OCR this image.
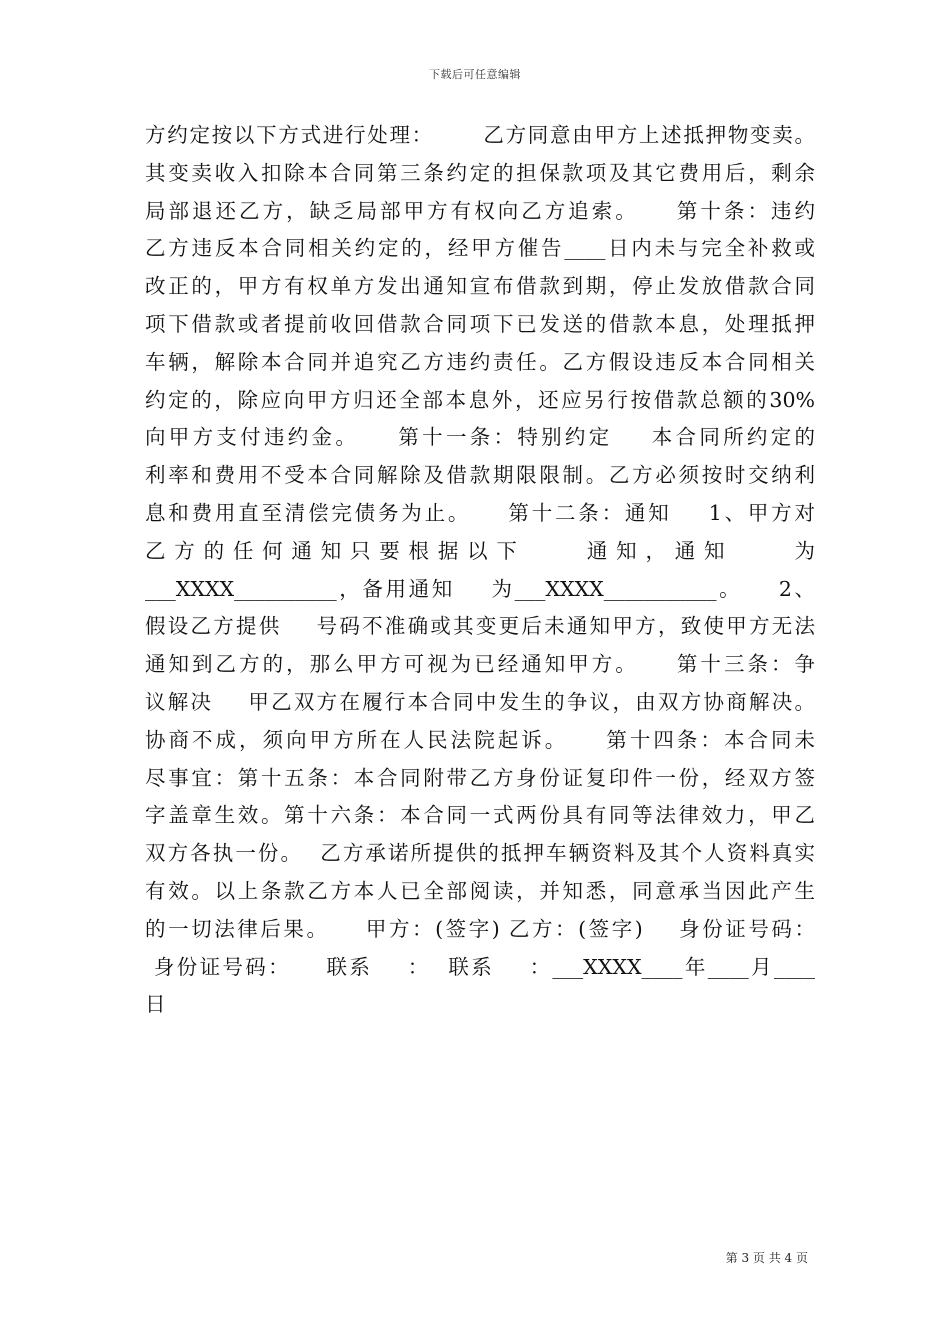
下载后可任意编辑
方约定按以下方式进行处理：      乙方同意由甲方上述抵押物变卖。
其变卖收入扣除本合同第三条约定的担保款项及其它费用后，剩余
局部退还乙方，缺乏局部甲方有权向乙方追索。    第十条：违约
乙方违反本合同相关约定的，经甲方催告____日内未与完全补救或
改正的，甲方有权单方发出通知宣布借款到期，停止发放借款合同
项下借款或者提前收回借款合同项下已发送的借款本息，处理抵押
车辆，解除本合同并追究乙方违约责任。乙方假设违反本合同相关
约定的，除应向甲方归还全部本息外，还应另行按借款总额的30%
向甲方支付违约金。    第十一条：特别约定    本合同所约定的
利率和费用不受本合同解除及借款期限限制。乙方必须按时交纳利
息和费用直至清偿完债务为止。    第十二条：通知    1、甲方对
乙方的任何通知只要根据以下    通知，通知    为
___XXXX__________，备用通知    为___XXXX___________。    2、
假设乙方提供    号码不准确或其变更后未通知甲方，致使甲方无法
通知到乙方的，那么甲方可视为已经通知甲方。    第十三条：争
议解决    甲乙双方在履行本合同中发生的争议，由双方协商解决。
协商不成，须向甲方所在人民法院起诉。    第十四条：本合同未
尽事宜：第十五条：本合同附带乙方身份证复印件一份，经双方签
字盖章生效。第十六条：本合同一式两份具有同等法律效力，甲乙
双方各执一份。  乙方承诺所提供的抵押车辆资料及其个人资料真实
有效。以上条款乙方本人已全部阅读，并知悉，同意承当因此产生
的一切法律后果。    甲方：(签字) 乙方：(签字)    身份证号码：
身份证号码：    联系    ：  联系    ：___XXXX____年____月____
日
第 3 页 共 4 页
